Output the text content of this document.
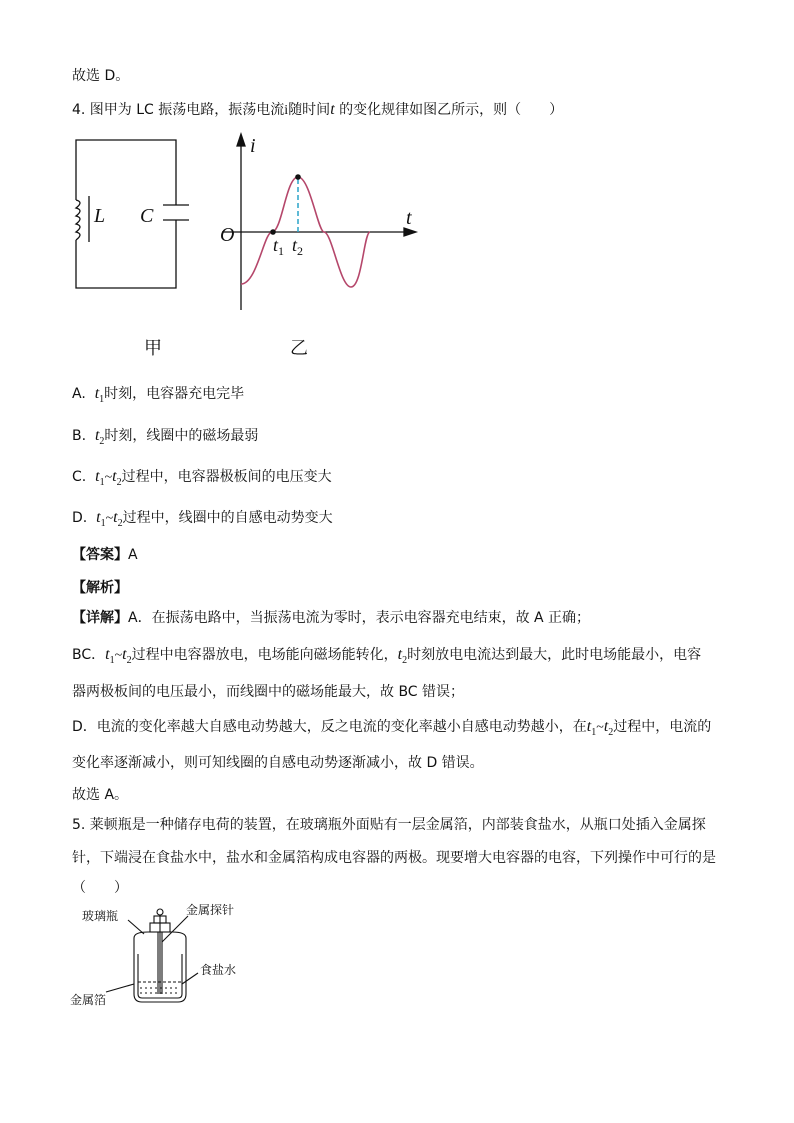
故选 D。
4. 图甲为 LC 振荡电路，振荡电流i随时间t 的变化规律如图乙所示，则（　　）
L C
甲
i
t
O $t_1$ $t_2$
乙
A. $t_1$时刻，电容器充电完毕
B. $t_2$时刻，线圈中的磁场最弱
C. $t_1\sim t_2$过程中，电容器极板间的电压变大
D. $t_1\sim t_2$过程中，线圈中的自感电动势变大
【答案】A
【解析】
【详解】A．在振荡电路中，当振荡电流为零时，表示电容器充电结束，故 A 正确；
BC．$t_1\sim t_2$过程中电容器放电，电场能向磁场能转化，$t_2$时刻放电电流达到最大，此时电场能最小，电容
器两极板间的电压最小，而线圈中的磁场能最大，故 BC 错误；
D．电流的变化率越大自感电动势越大，反之电流的变化率越小自感电动势越小，在$t_1\sim t_2$过程中，电流的
变化率逐渐减小，则可知线圈的自感电动势逐渐减小，故 D 错误。
故选 A。
5. 莱顿瓶是一种储存电荷的装置，在玻璃瓶外面贴有一层金属箔，内部装食盐水，从瓶口处插入金属探
针，下端浸在食盐水中，盐水和金属箔构成电容器的两极。现要增大电容器的电容，下列操作中可行的是
（　　）
玻璃瓶	金属探针
食盐水
金属箔
